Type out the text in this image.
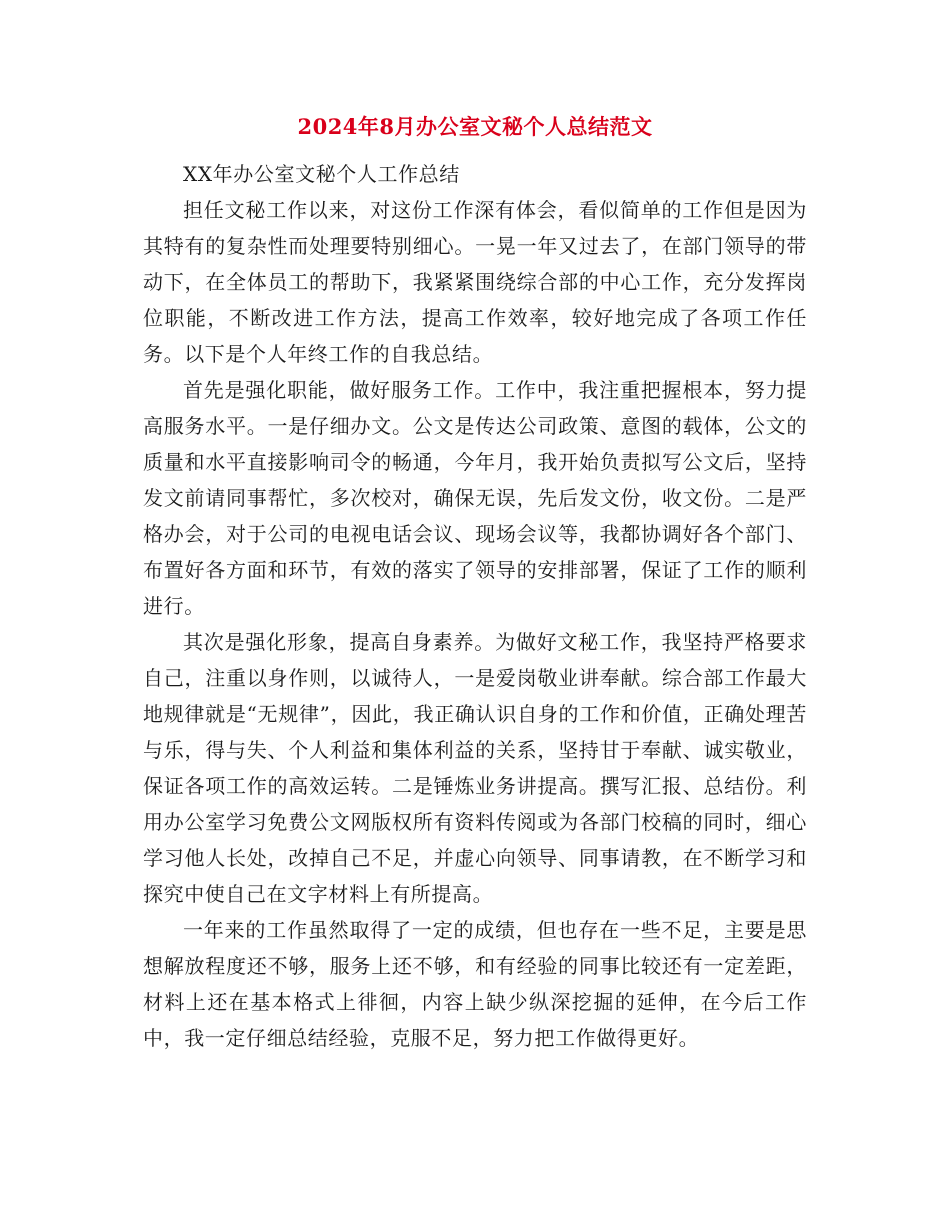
2024年8月办公室文秘个人总结范文

XX年办公室文秘个人工作总结

担任文秘工作以来，对这份工作深有体会，看似简单的工作但是因为其特有的复杂性而处理要特别细心。一晃一年又过去了，在部门领导的带动下，在全体员工的帮助下，我紧紧围绕综合部的中心工作，充分发挥岗位职能，不断改进工作方法，提高工作效率，较好地完成了各项工作任务。以下是个人年终工作的自我总结。

首先是强化职能，做好服务工作。工作中，我注重把握根本，努力提高服务水平。一是仔细办文。公文是传达公司政策、意图的载体，公文的质量和水平直接影响司令的畅通，今年月，我开始负责拟写公文后，坚持发文前请同事帮忙，多次校对，确保无误，先后发文份，收文份。二是严格办会，对于公司的电视电话会议、现场会议等，我都协调好各个部门、布置好各方面和环节，有效的落实了领导的安排部署，保证了工作的顺利进行。

其次是强化形象，提高自身素养。为做好文秘工作，我坚持严格要求自己，注重以身作则，以诚待人，一是爱岗敬业讲奉献。综合部工作最大地规律就是“无规律”，因此，我正确认识自身的工作和价值，正确处理苦与乐，得与失、个人利益和集体利益的关系，坚持甘于奉献、诚实敬业，保证各项工作的高效运转。二是锤炼业务讲提高。撰写汇报、总结份。利用办公室学习免费公文网版权所有资料传阅或为各部门校稿的同时，细心学习他人长处，改掉自己不足，并虚心向领导、同事请教，在不断学习和探究中使自己在文字材料上有所提高。

一年来的工作虽然取得了一定的成绩，但也存在一些不足，主要是思想解放程度还不够，服务上还不够，和有经验的同事比较还有一定差距，材料上还在基本格式上徘徊，内容上缺少纵深挖掘的延伸，在今后工作中，我一定仔细总结经验，克服不足，努力把工作做得更好。
